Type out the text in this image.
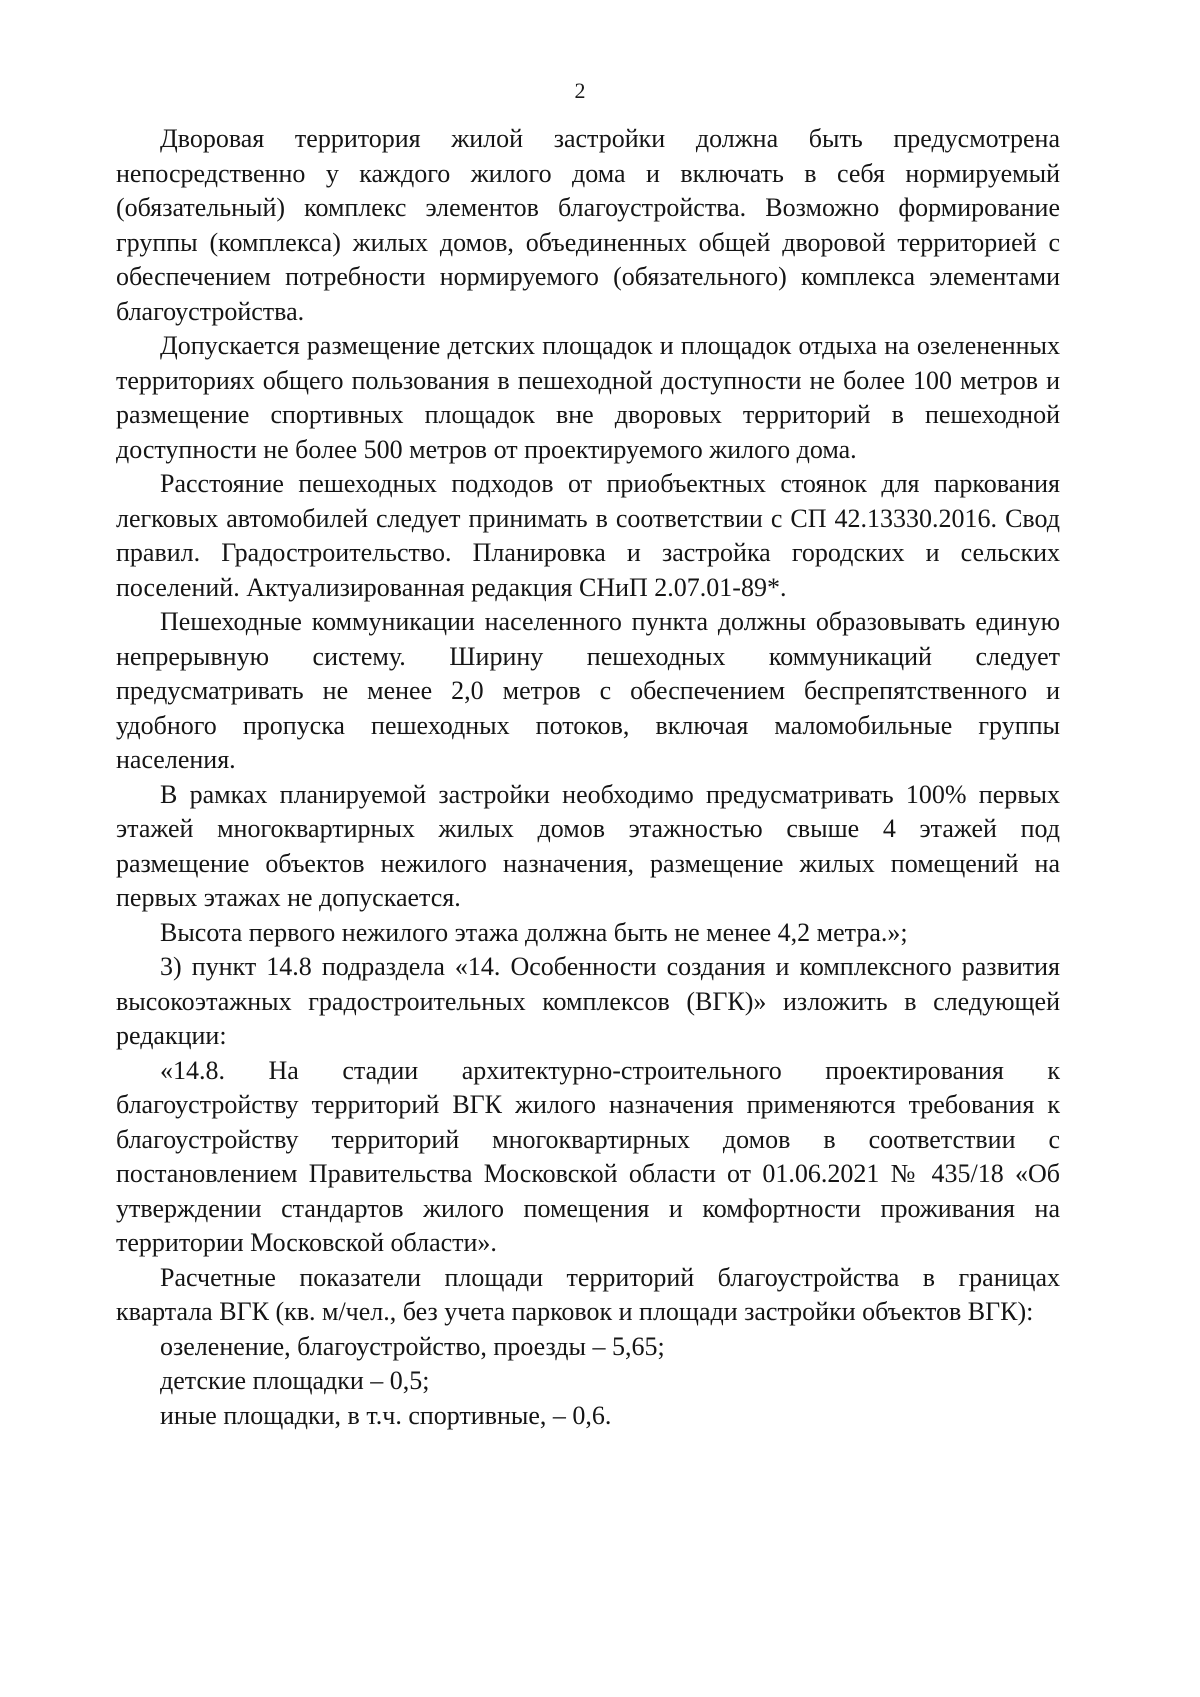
2

Дворовая территория жилой застройки должна быть предусмотрена непосредственно у каждого жилого дома и включать в себя нормируемый (обязательный) комплекс элементов благоустройства. Возможно формирование группы (комплекса) жилых домов, объединенных общей дворовой территорией с обеспечением потребности нормируемого (обязательного) комплекса элементами благоустройства.

Допускается размещение детских площадок и площадок отдыха на озелененных территориях общего пользования в пешеходной доступности не более 100 метров и размещение спортивных площадок вне дворовых территорий в пешеходной доступности не более 500 метров от проектируемого жилого дома.

Расстояние пешеходных подходов от приобъектных стоянок для паркования легковых автомобилей следует принимать в соответствии с СП 42.13330.2016. Свод правил. Градостроительство. Планировка и застройка городских и сельских поселений. Актуализированная редакция СНиП 2.07.01-89*.

Пешеходные коммуникации населенного пункта должны образовывать единую непрерывную систему. Ширину пешеходных коммуникаций следует предусматривать не менее 2,0 метров с обеспечением беспрепятственного и удобного пропуска пешеходных потоков, включая маломобильные группы населения.

В рамках планируемой застройки необходимо предусматривать 100% первых этажей многоквартирных жилых домов этажностью свыше 4 этажей под размещение объектов нежилого назначения, размещение жилых помещений на первых этажах не допускается.

Высота первого нежилого этажа должна быть не менее 4,2 метра.»;

3) пункт 14.8 подраздела «14. Особенности создания и комплексного развития высокоэтажных градостроительных комплексов (ВГК)» изложить в следующей редакции:

«14.8. На стадии архитектурно-строительного проектирования к благоустройству территорий ВГК жилого назначения применяются требования к благоустройству территорий многоквартирных домов в соответствии с постановлением Правительства Московской области от 01.06.2021 № 435/18 «Об утверждении стандартов жилого помещения и комфортности проживания на территории Московской области».

Расчетные показатели площади территорий благоустройства в границах квартала ВГК (кв. м/чел., без учета парковок и площади застройки объектов ВГК):

озеленение, благоустройство, проезды – 5,65;

детские площадки – 0,5;

иные площадки, в т.ч. спортивные, – 0,6.
